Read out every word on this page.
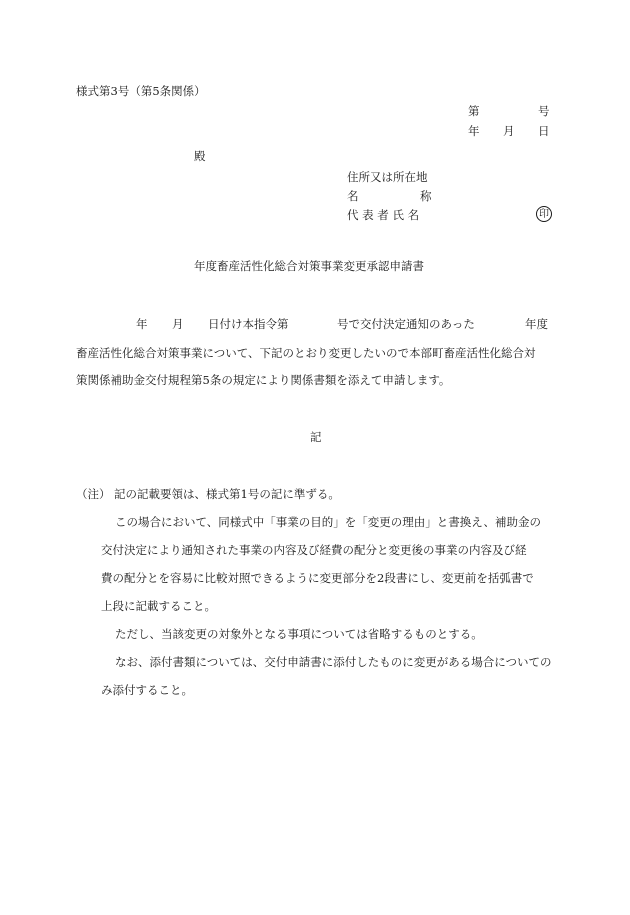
様式第3号（第5条関係）
第	号
年 月 日
殿
住所又は所在地
名	称
代 表 者 氏 名	印
年度畜産活性化総合対策事業変更承認申請書
年 月 日付け本指令第	号で交付決定通知のあった	年度
畜産活性化総合対策事業について、下記のとおり変更したいので本部町畜産活性化総合対
策関係補助金交付規程第5条の規定により関係書類を添えて申請します。
記
（注） 記の記載要領は、様式第1号の記に準ずる。
この場合において、同様式中「事業の目的」を「変更の理由」と書換え、補助金の
交付決定により通知された事業の内容及び経費の配分と変更後の事業の内容及び経
費の配分とを容易に比較対照できるように変更部分を2段書にし、変更前を括弧書で
上段に記載すること。
ただし、当該変更の対象外となる事項については省略するものとする。
なお、添付書類については、交付申請書に添付したものに変更がある場合についての
み添付すること。
